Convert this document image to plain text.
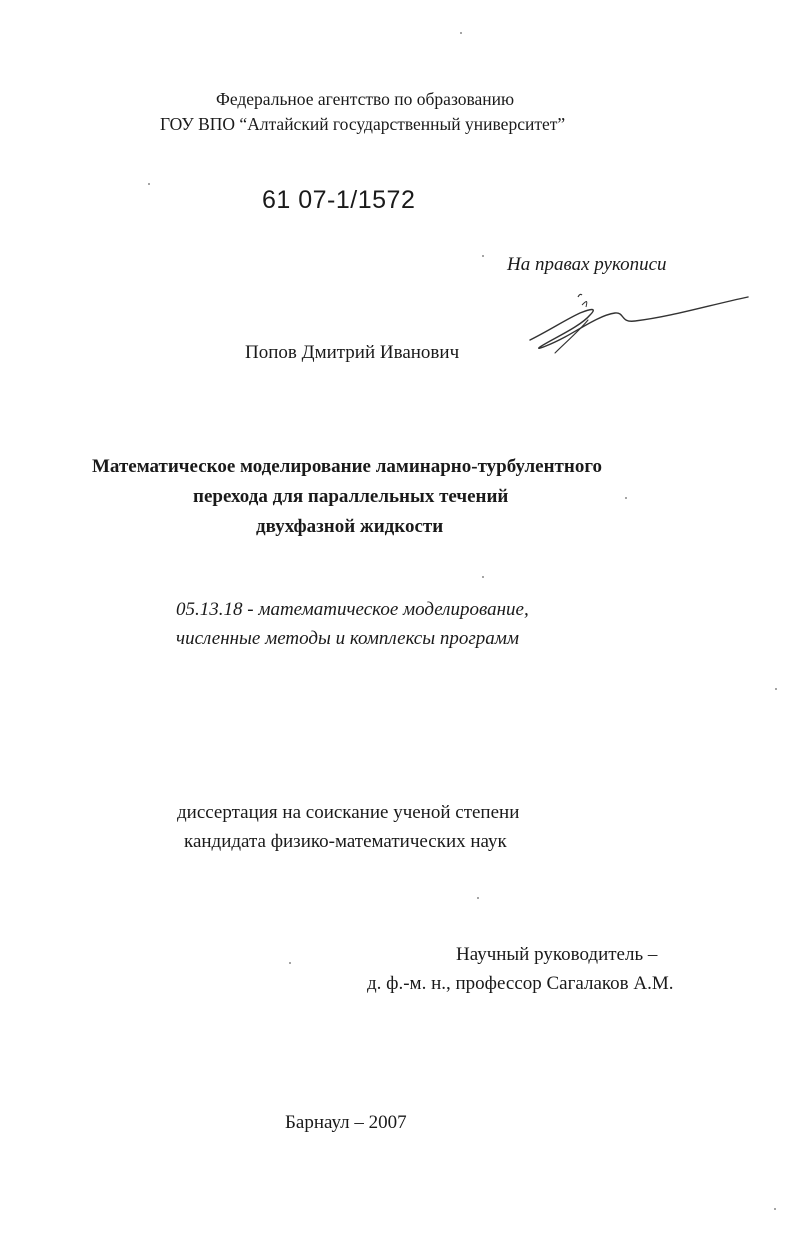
Федеральное агентство по образованию
ГОУ ВПО “Алтайский государственный университет”
61 07-1/1572
На правах рукописи
Попов Дмитрий Иванович
Математическое моделирование ламинарно-турбулентного
перехода для параллельных течений
двухфазной жидкости
05.13.18 - математическое моделирование,
численные методы и комплексы программ
диссертация на соискание ученой степени
кандидата физико-математических наук
Научный руководитель –
д. ф.-м. н., профессор Сагалаков А.М.
Барнаул – 2007
